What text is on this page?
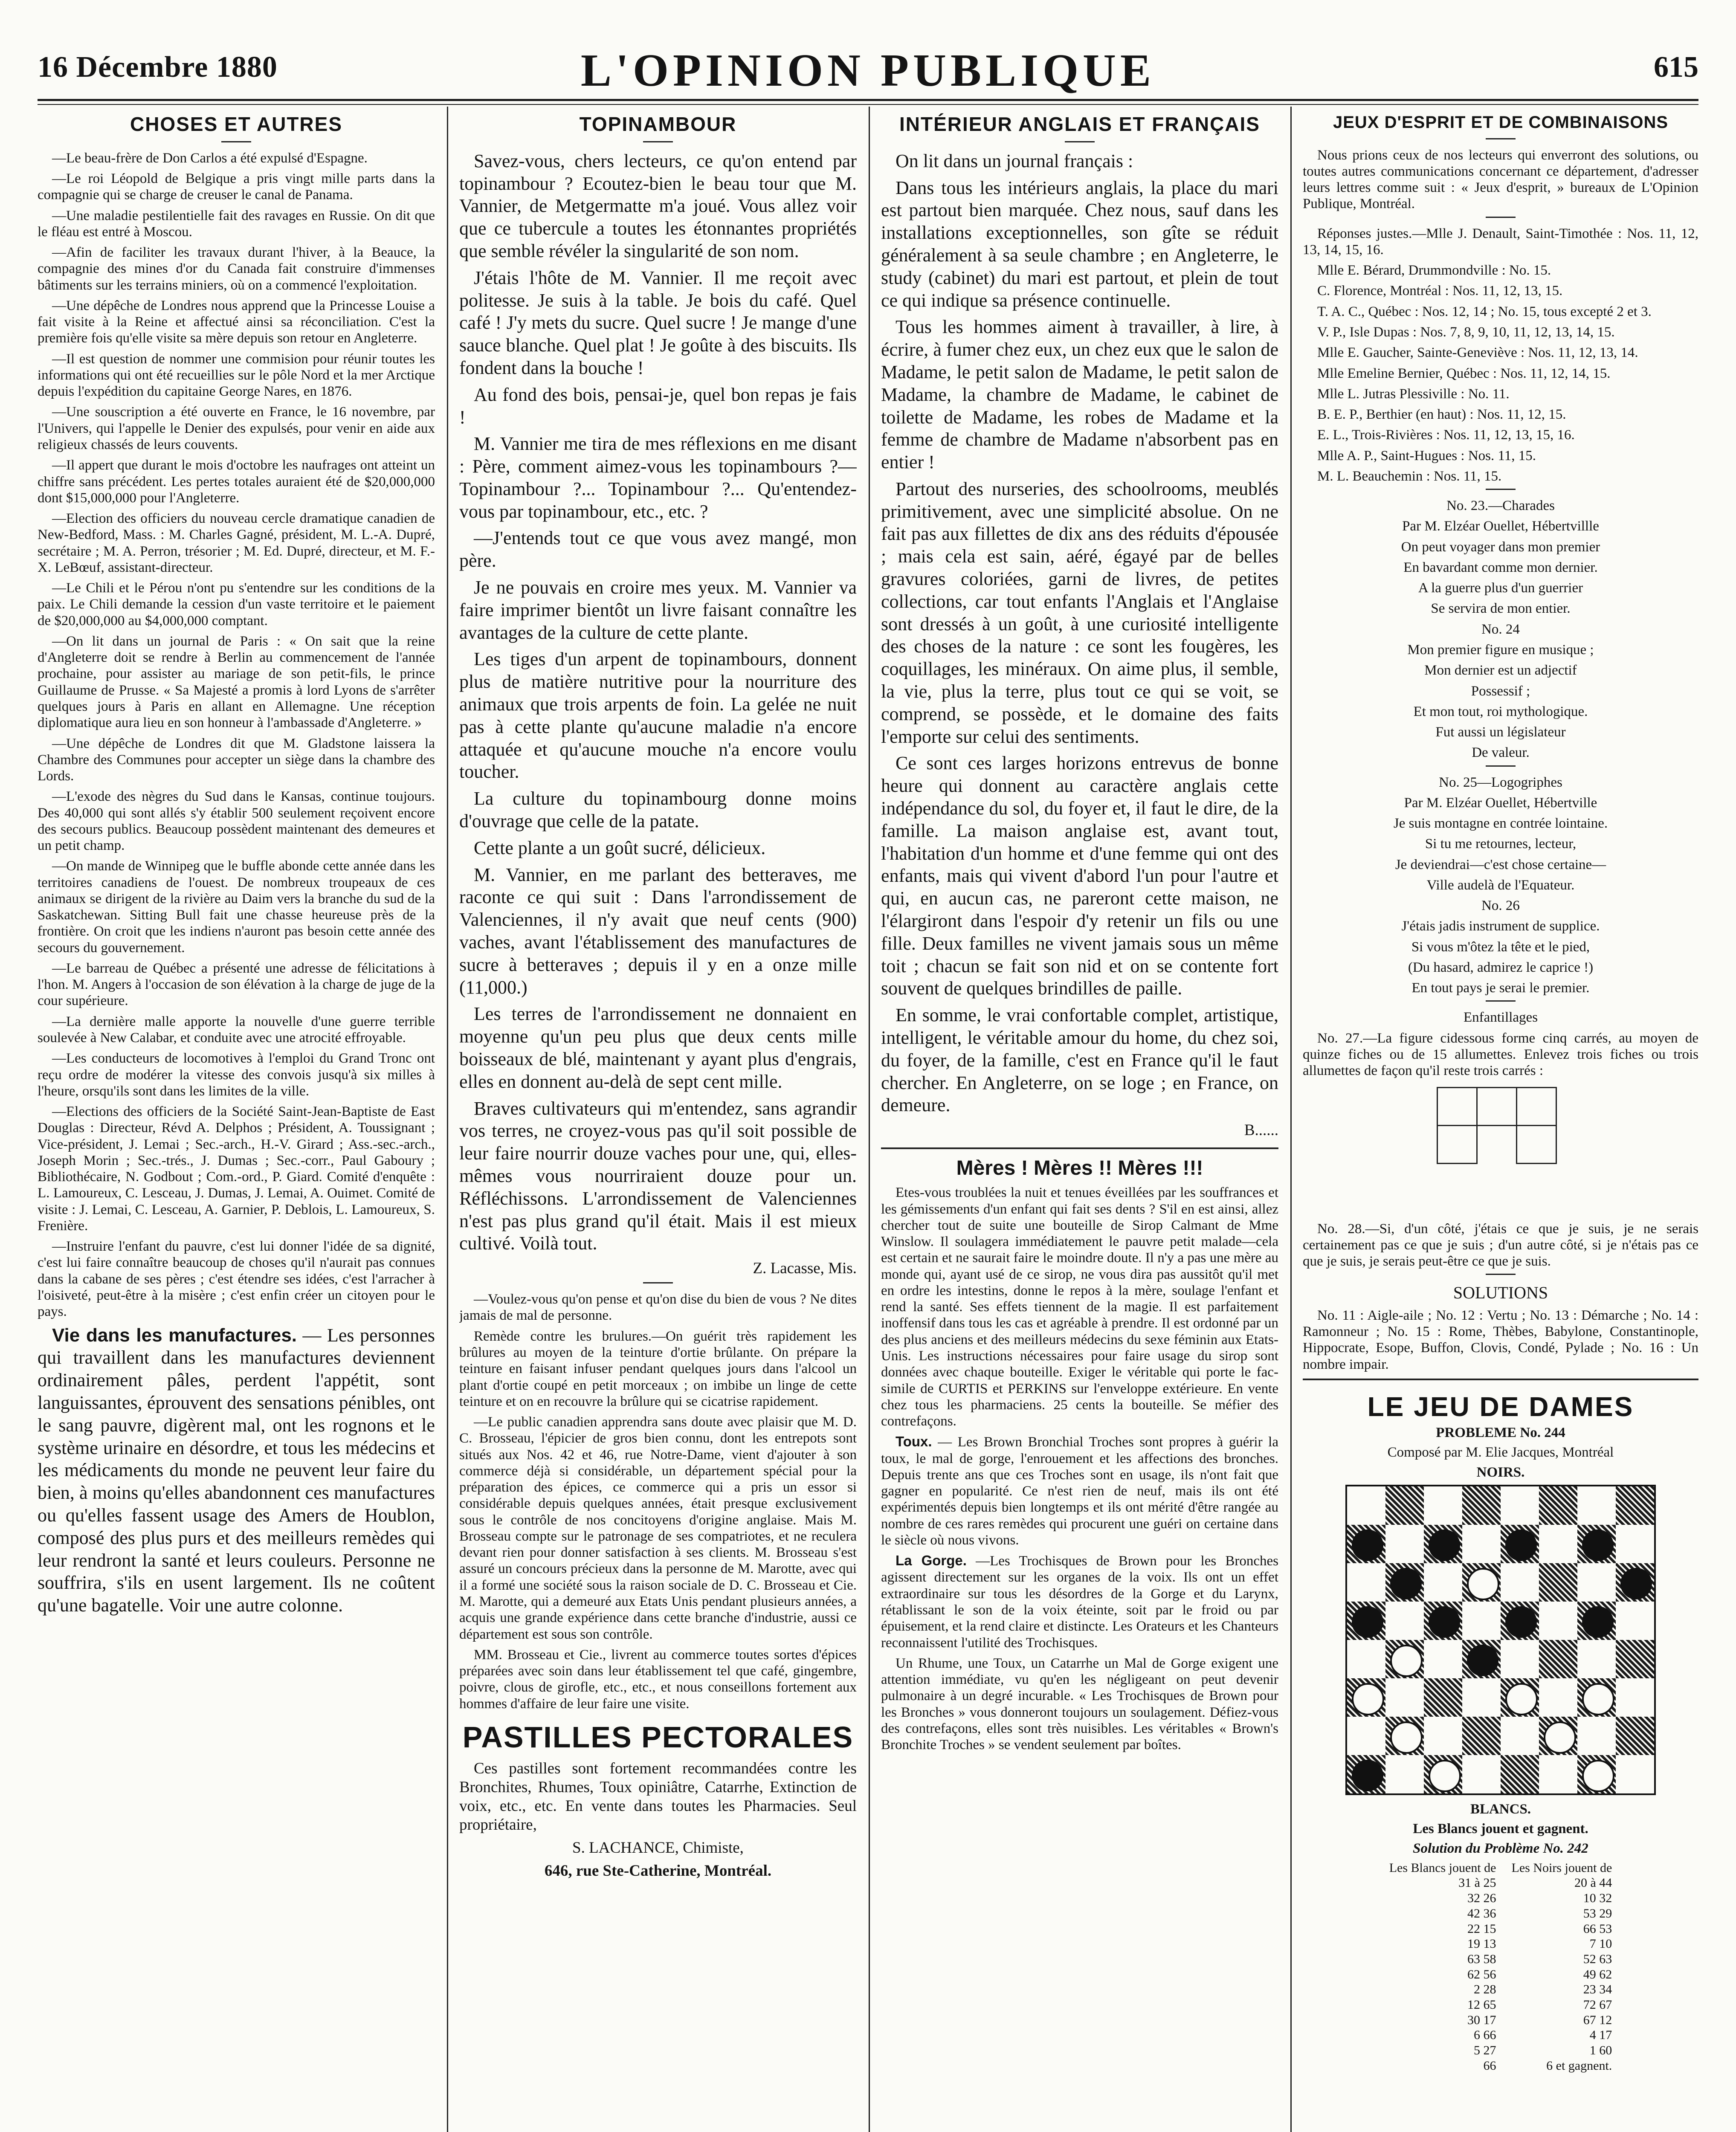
16 Décembre 1880	L'OPINION PUBLIQUE	615
CHOSES ET AUTRES

—Le beau-frère de Don Carlos a été expulsé d'Espagne.

—Le roi Léopold de Belgique a pris vingt mille parts dans la compagnie qui se charge de creuser le canal de Panama.

—Une maladie pestilentielle fait des ravages en Russie. On dit que le fléau est entré à Moscou.

—Afin de faciliter les travaux durant l'hiver, à la Beauce, la compagnie des mines d'or du Canada fait construire d'immenses bâtiments sur les terrains miniers, où on a commencé l'exploitation.

—Une dépêche de Londres nous apprend que la Princesse Louise a fait visite à la Reine et affectué ainsi sa réconciliation. C'est la première fois qu'elle visite sa mère depuis son retour en Angleterre.

—Il est question de nommer une commision pour réunir toutes les informations qui ont été recueillies sur le pôle Nord et la mer Arctique depuis l'expédition du capitaine George Nares, en 1876.

—Une souscription a été ouverte en France, le 16 novembre, par l'Univers, qui l'appelle le Denier des expulsés, pour venir en aide aux religieux chassés de leurs couvents.

—Il appert que durant le mois d'octobre les naufrages ont atteint un chiffre sans précédent. Les pertes totales auraient été de $20,000,000 dont $15,000,000 pour l'Angleterre.

—Election des officiers du nouveau cercle dramatique canadien de New-Bedford, Mass. : M. Charles Gagné, président, M. L.-A. Dupré, secrétaire ; M. A. Perron, trésorier ; M. Ed. Dupré, directeur, et M. F.-X. LeBœuf, assistant-directeur.

—Le Chili et le Pérou n'ont pu s'entendre sur les conditions de la paix. Le Chili demande la cession d'un vaste territoire et le paiement de $20,000,000 au $4,000,000 comptant.

—On lit dans un journal de Paris : « On sait que la reine d'Angleterre doit se rendre à Berlin au commencement de l'année prochaine, pour assister au mariage de son petit-fils, le prince Guillaume de Prusse. « Sa Majesté a promis à lord Lyons de s'arrêter quelques jours à Paris en allant en Allemagne. Une réception diplomatique aura lieu en son honneur à l'ambassade d'Angleterre. »

—Une dépêche de Londres dit que M. Gladstone laissera la Chambre des Communes pour accepter un siège dans la chambre des Lords.

—L'exode des nègres du Sud dans le Kansas, continue toujours. Des 40,000 qui sont allés s'y établir 500 seulement reçoivent encore des secours publics. Beaucoup possèdent maintenant des demeures et un petit champ.

—On mande de Winnipeg que le buffle abonde cette année dans les territoires canadiens de l'ouest. De nombreux troupeaux de ces animaux se dirigent de la rivière au Daim vers la branche du sud de la Saskatchewan. Sitting Bull fait une chasse heureuse près de la frontière. On croit que les indiens n'auront pas besoin cette année des secours du gouvernement.

—Le barreau de Québec a présenté une adresse de félicitations à l'hon. M. Angers à l'occasion de son élévation à la charge de juge de la cour supérieure.

—La dernière malle apporte la nouvelle d'une guerre terrible soulevée à New Calabar, et conduite avec une atrocité effroyable.

—Les conducteurs de locomotives à l'emploi du Grand Tronc ont reçu ordre de modérer la vitesse des convois jusqu'à six milles à l'heure, orsqu'ils sont dans les limites de la ville.

—Elections des officiers de la Société Saint-Jean-Baptiste de East Douglas : Directeur, Révd A. Delphos ; Président, A. Toussignant ; Vice-président, J. Lemai ; Sec.-arch., H.-V. Girard ; Ass.-sec.-arch., Joseph Morin ; Sec.-trés., J. Dumas ; Sec.-corr., Paul Gaboury ; Bibliothécaire, N. Godbout ; Com.-ord., P. Giard. Comité d'enquête : L. Lamoureux, C. Lesceau, J. Dumas, J. Lemai, A. Ouimet. Comité de visite : J. Lemai, C. Lesceau, A. Garnier, P. Deblois, L. Lamoureux, S. Frenière.

—Instruire l'enfant du pauvre, c'est lui donner l'idée de sa dignité, c'est lui faire connaître beaucoup de choses qu'il n'aurait pas connues dans la cabane de ses pères ; c'est étendre ses idées, c'est l'arracher à l'oisiveté, peut-être à la misère ; c'est enfin créer un citoyen pour le pays.

Vie dans les manufactures. — Les personnes qui travaillent dans les manufactures deviennent ordinairement pâles, perdent l'appétit, sont languissantes, éprouvent des sensations pénibles, ont le sang pauvre, digèrent mal, ont les rognons et le système urinaire en désordre, et tous les médecins et les médicaments du monde ne peuvent leur faire du bien, à moins qu'elles abandonnent ces manufactures ou qu'elles fassent usage des Amers de Houblon, composé des plus purs et des meilleurs remèdes qui leur rendront la santé et leurs couleurs. Personne ne souffrira, s'ils en usent largement. Ils ne coûtent qu'une bagatelle. Voir une autre colonne.

TOPINAMBOUR

Savez-vous, chers lecteurs, ce qu'on entend par topinambour ? Ecoutez-bien le beau tour que M. Vannier, de Metgermatte m'a joué. Vous allez voir que ce tubercule a toutes les étonnantes propriétés que semble révéler la singularité de son nom.

J'étais l'hôte de M. Vannier. Il me reçoit avec politesse. Je suis à la table. Je bois du café. Quel café ! J'y mets du sucre. Quel sucre ! Je mange d'une sauce blanche. Quel plat ! Je goûte à des biscuits. Ils fondent dans la bouche !

Au fond des bois, pensai-je, quel bon repas je fais !

M. Vannier me tira de mes réflexions en me disant : Père, comment aimez-vous les topinambours ?—Topinambour ?... Topinambour ?... Qu'entendez-vous par topinambour, etc., etc. ?

—J'entends tout ce que vous avez mangé, mon père.

Je ne pouvais en croire mes yeux. M. Vannier va faire imprimer bientôt un livre faisant connaître les avantages de la culture de cette plante.

Les tiges d'un arpent de topinambours, donnent plus de matière nutritive pour la nourriture des animaux que trois arpents de foin. La gelée ne nuit pas à cette plante qu'aucune maladie n'a encore attaquée et qu'aucune mouche n'a encore voulu toucher.

La culture du topinambourg donne moins d'ouvrage que celle de la patate.

Cette plante a un goût sucré, délicieux.

M. Vannier, en me parlant des betteraves, me raconte ce qui suit : Dans l'arrondissement de Valenciennes, il n'y avait que neuf cents (900) vaches, avant l'établissement des manufactures de sucre à betteraves ; depuis il y en a onze mille (11,000.)

Les terres de l'arrondissement ne donnaient en moyenne qu'un peu plus que deux cents mille boisseaux de blé, maintenant y ayant plus d'engrais, elles en donnent au-delà de sept cent mille.

Braves cultivateurs qui m'entendez, sans agrandir vos terres, ne croyez-vous pas qu'il soit possible de leur faire nourrir douze vaches pour une, qui, elles-mêmes vous nourriraient douze pour un. Réfléchissons. L'arrondissement de Valenciennes n'est pas plus grand qu'il était. Mais il est mieux cultivé. Voilà tout.

Z. Lacasse, Mis.

—Voulez-vous qu'on pense et qu'on dise du bien de vous ? Ne dites jamais de mal de personne.

Remède contre les brulures.—On guérit très rapidement les brûlures au moyen de la teinture d'ortie brûlante. On prépare la teinture en faisant infuser pendant quelques jours dans l'alcool un plant d'ortie coupé en petit morceaux ; on imbibe un linge de cette teinture et on en recouvre la brûlure qui se cicatrise rapidement.

—Le public canadien apprendra sans doute avec plaisir que M. D. C. Brosseau, l'épicier de gros bien connu, dont les entrepots sont situés aux Nos. 42 et 46, rue Notre-Dame, vient d'ajouter à son commerce déjà si considérable, un département spécial pour la préparation des épices, ce commerce qui a pris un essor si considérable depuis quelques années, était presque exclusivement sous le contrôle de nos concitoyens d'origine anglaise. Mais M. Brosseau compte sur le patronage de ses compatriotes, et ne reculera devant rien pour donner satisfaction à ses clients. M. Brosseau s'est assuré un concours précieux dans la personne de M. Marotte, avec qui il a formé une société sous la raison sociale de D. C. Brosseau et Cie. M. Marotte, qui a demeuré aux Etats Unis pendant plusieurs années, a acquis une grande expérience dans cette branche d'industrie, aussi ce département est sous son contrôle.

MM. Brosseau et Cie., livrent au commerce toutes sortes d'épices préparées avec soin dans leur établissement tel que café, gingembre, poivre, clous de girofle, etc., etc., et nous conseillons fortement aux hommes d'affaire de leur faire une visite.

PASTILLES PECTORALES

Ces pastilles sont fortement recommandées contre les Bronchites, Rhumes, Toux opiniâtre, Catarrhe, Extinction de voix, etc., etc. En vente dans toutes les Pharmacies. Seul propriétaire,

S. LACHANCE, Chimiste,

646, rue Ste-Catherine, Montréal.

INTÉRIEUR ANGLAIS ET FRANÇAIS

On lit dans un journal français :

Dans tous les intérieurs anglais, la place du mari est partout bien marquée. Chez nous, sauf dans les installations exceptionnelles, son gîte se réduit généralement à sa seule chambre ; en Angleterre, le study (cabinet) du mari est partout, et plein de tout ce qui indique sa présence continuelle.

Tous les hommes aiment à travailler, à lire, à écrire, à fumer chez eux, un chez eux que le salon de Madame, le petit salon de Madame, le petit salon de Madame, la chambre de Madame, le cabinet de toilette de Madame, les robes de Madame et la femme de chambre de Madame n'absorbent pas en entier !

Partout des nurseries, des schoolrooms, meublés primitivement, avec une simplicité absolue. On ne fait pas aux fillettes de dix ans des réduits d'épousée ; mais cela est sain, aéré, égayé par de belles gravures coloriées, garni de livres, de petites collections, car tout enfants l'Anglais et l'Anglaise sont dressés à un goût, à une curiosité intelligente des choses de la nature : ce sont les fougères, les coquillages, les minéraux. On aime plus, il semble, la vie, plus la terre, plus tout ce qui se voit, se comprend, se possède, et le domaine des faits l'emporte sur celui des sentiments.

Ce sont ces larges horizons entrevus de bonne heure qui donnent au caractère anglais cette indépendance du sol, du foyer et, il faut le dire, de la famille. La maison anglaise est, avant tout, l'habitation d'un homme et d'une femme qui ont des enfants, mais qui vivent d'abord l'un pour l'autre et qui, en aucun cas, ne pareront cette maison, ne l'élargiront dans l'espoir d'y retenir un fils ou une fille. Deux familles ne vivent jamais sous un même toit ; chacun se fait son nid et on se contente fort souvent de quelques brindilles de paille.

En somme, le vrai confortable complet, artistique, intelligent, le véritable amour du home, du chez soi, du foyer, de la famille, c'est en France qu'il le faut chercher. En Angleterre, on se loge ; en France, on demeure.

B......

Mères ! Mères !! Mères !!!

Etes-vous troublées la nuit et tenues éveillées par les souffrances et les gémissements d'un enfant qui fait ses dents ? S'il en est ainsi, allez chercher tout de suite une bouteille de Sirop Calmant de Mme Winslow. Il soulagera immédiatement le pauvre petit malade—cela est certain et ne saurait faire le moindre doute. Il n'y a pas une mère au monde qui, ayant usé de ce sirop, ne vous dira pas aussitôt qu'il met en ordre les intestins, donne le repos à la mère, soulage l'enfant et rend la santé. Ses effets tiennent de la magie. Il est parfaitement inoffensif dans tous les cas et agréable à prendre. Il est ordonné par un des plus anciens et des meilleurs médecins du sexe féminin aux Etats-Unis. Les instructions nécessaires pour faire usage du sirop sont données avec chaque bouteille. Exiger le véritable qui porte le fac-simile de CURTIS et PERKINS sur l'enveloppe extérieure. En vente chez tous les pharmaciens. 25 cents la bouteille. Se méfier des contrefaçons.

Toux. — Les Brown Bronchial Troches sont propres à guérir la toux, le mal de gorge, l'enrouement et les affections des bronches. Depuis trente ans que ces Troches sont en usage, ils n'ont fait que gagner en popularité. Ce n'est rien de neuf, mais ils ont été expérimentés depuis bien longtemps et ils ont mérité d'être rangée au nombre de ces rares remèdes qui procurent une guéri on certaine dans le siècle où nous vivons.

La Gorge. —Les Trochisques de Brown pour les Bronches agissent directement sur les organes de la voix. Ils ont un effet extraordinaire sur tous les désordres de la Gorge et du Larynx, rétablissant le son de la voix éteinte, soit par le froid ou par épuisement, et la rend claire et distincte. Les Orateurs et les Chanteurs reconnaissent l'utilité des Trochisques.

Un Rhume, une Toux, un Catarrhe un Mal de Gorge exigent une attention immédiate, vu qu'en les négligeant on peut devenir pulmonaire à un degré incurable. « Les Trochisques de Brown pour les Bronches » vous donneront toujours un soulagement. Défiez-vous des contrefaçons, elles sont très nuisibles. Les véritables « Brown's Bronchite Troches » se vendent seulement par boîtes.

JEUX D'ESPRIT ET DE COMBINAISONS

Nous prions ceux de nos lecteurs qui enverront des solutions, ou toutes autres communications concernant ce département, d'adresser leurs lettres comme suit : « Jeux d'esprit, » bureaux de L'Opinion Publique, Montréal.

Réponses justes.—Mlle J. Denault, Saint-Timothée : Nos. 11, 12, 13, 14, 15, 16.

Mlle E. Bérard, Drummondville : No. 15.

C. Florence, Montréal : Nos. 11, 12, 13, 15.

T. A. C., Québec : Nos. 12, 14 ; No. 15, tous excepté 2 et 3.

V. P., Isle Dupas : Nos. 7, 8, 9, 10, 11, 12, 13, 14, 15.

Mlle E. Gaucher, Sainte-Geneviève : Nos. 11, 12, 13, 14.

Mlle Emeline Bernier, Québec : Nos. 11, 12, 14, 15.

Mlle L. Jutras Plessiville : No. 11.

B. E. P., Berthier (en haut) : Nos. 11, 12, 15.

E. L., Trois-Rivières : Nos. 11, 12, 13, 15, 16.

Mlle A. P., Saint-Hugues : Nos. 11, 15.

M. L. Beauchemin : Nos. 11, 15.

No. 23.—Charades

Par M. Elzéar Ouellet, Hébertvillle

On peut voyager dans mon premier

En bavardant comme mon dernier.

A la guerre plus d'un guerrier

Se servira de mon entier.

No. 24

Mon premier figure en musique ;

Mon dernier est un adjectif

Possessif ;

Et mon tout, roi mythologique.

Fut aussi un législateur

De valeur.

No. 25—Logogriphes

Par M. Elzéar Ouellet, Hébertville

Je suis montagne en contrée lointaine.

Si tu me retournes, lecteur,

Je deviendrai—c'est chose certaine—

Ville audelà de l'Equateur.

No. 26

J'étais jadis instrument de supplice.

Si vous m'ôtez la tête et le pied,

(Du hasard, admirez le caprice !)

En tout pays je serai le premier.

Enfantillages

No. 27.—La figure cidessous forme cinq carrés, au moyen de quinze fiches ou de 15 allumettes. Enlevez trois fiches ou trois allumettes de façon qu'il reste trois carrés :

No. 28.—Si, d'un côté, j'étais ce que je suis, je ne serais certainement pas ce que je suis ; d'un autre côté, si je n'étais pas ce que je suis, je serais peut-être ce que je suis.

SOLUTIONS

No. 11 : Aigle-aile ; No. 12 : Vertu ; No. 13 : Démarche ; No. 14 : Ramonneur ; No. 15 : Rome, Thèbes, Babylone, Constantinople, Hippocrate, Esope, Buffon, Clovis, Condé, Pylade ; No. 16 : Un nombre impair.

LE JEU DE DAMES

PROBLEME No. 244

Composé par M. Elie Jacques, Montréal

NOIRS.

BLANCS.

Les Blancs jouent et gagnent.

Solution du Problème No. 242

Les Blancs jouent de	Les Noirs jouent de
31 à 25	20 à 44
32 26	10 32
42 36	53 29
22 15	66 53
19 13	7 10
63 58	52 63
62 56	49 62
2 28	23 34
12 65	72 67
30 17	67 12
6 66	4 17
5 27	1 60
66	6 et gagnent.
